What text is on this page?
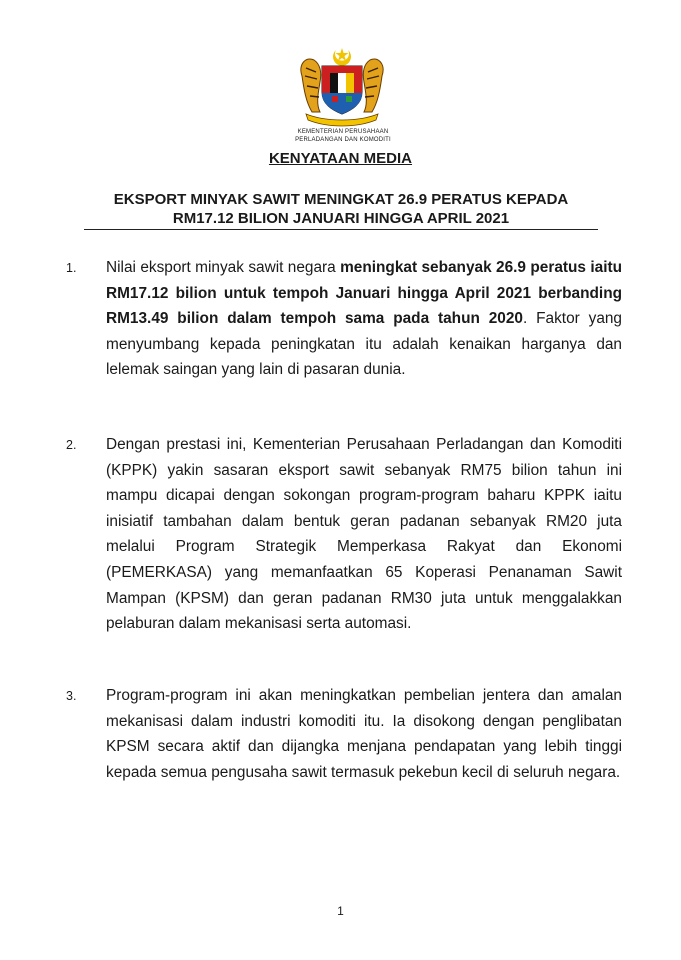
KEMENTERIAN PERUSAHAAN
PERLADANGAN DAN KOMODITI
KENYATAAN MEDIA
EKSPORT MINYAK SAWIT MENINGKAT 26.9 PERATUS KEPADA
RM17.12 BILION JANUARI HINGGA APRIL 2021
1. Nilai eksport minyak sawit negara meningkat sebanyak 26.9 peratus iaitu RM17.12 bilion untuk tempoh Januari hingga April 2021 berbanding RM13.49 bilion dalam tempoh sama pada tahun 2020. Faktor yang menyumbang kepada peningkatan itu adalah kenaikan harganya dan lelemak saingan yang lain di pasaran dunia.
2. Dengan prestasi ini, Kementerian Perusahaan Perladangan dan Komoditi (KPPK) yakin sasaran eksport sawit sebanyak RM75 bilion tahun ini mampu dicapai dengan sokongan program-program baharu KPPK iaitu inisiatif tambahan dalam bentuk geran padanan sebanyak RM20 juta melalui Program Strategik Memperkasa Rakyat dan Ekonomi (PEMERKASA) yang memanfaatkan 65 Koperasi Penanaman Sawit Mampan (KPSM) dan geran padanan RM30 juta untuk menggalakkan pelaburan dalam mekanisasi serta automasi.
3. Program-program ini akan meningkatkan pembelian jentera dan amalan mekanisasi dalam industri komoditi itu. Ia disokong dengan penglibatan KPSM secara aktif dan dijangka menjana pendapatan yang lebih tinggi kepada semua pengusaha sawit termasuk pekebun kecil di seluruh negara.
1
